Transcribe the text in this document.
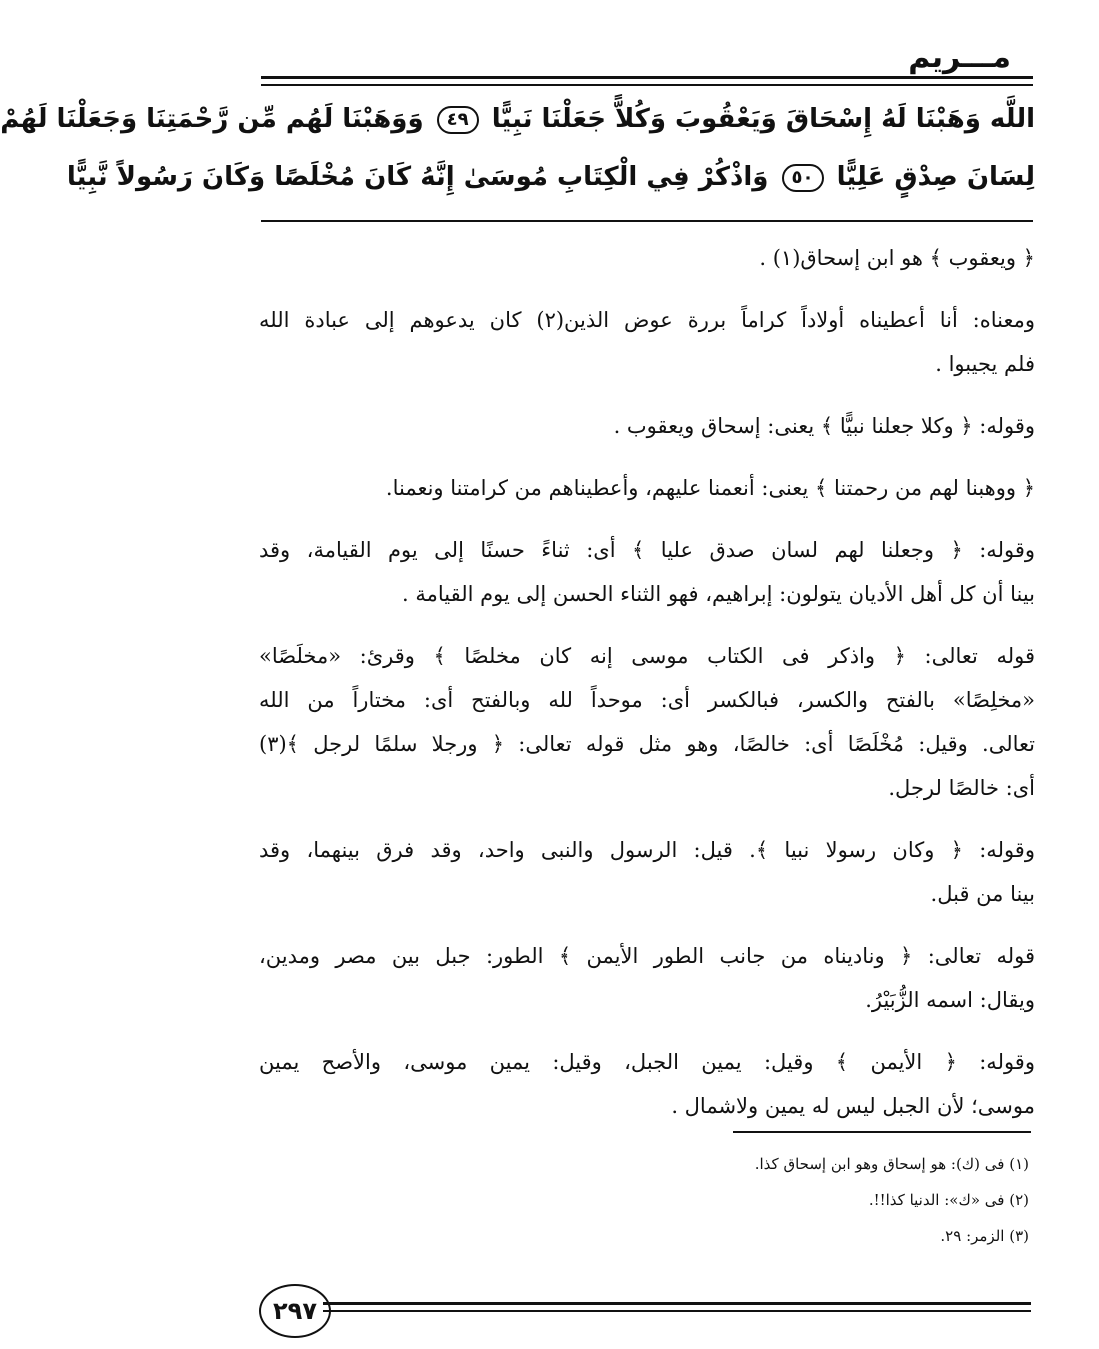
مـــريم
اللَّه وَهَبْنَا لَهُ إِسْحَاقَ وَيَعْقُوبَ وَكُلاًّ جَعَلْنَا نَبِيًّا ٤٩ وَوَهَبْنَا لَهُم مِّن رَّحْمَتِنَا وَجَعَلْنَا لَهُمْ
لِسَانَ صِدْقٍ عَلِيًّا ٥٠ وَاذْكُرْ فِي الْكِتَابِ مُوسَىٰ إِنَّهُ كَانَ مُخْلَصًا وَكَانَ رَسُولاً نَّبِيًّا
﴿ ويعقوب ﴾ هو ابن إسحاق(١) .
ومعناه: أنا أعطيناه أولاداً كراماً بررة عوض الذين(٢) كان يدعوهم إلى عبادة الله
فلم يجيبوا .
وقوله: ﴿ وكلا جعلنا نبيًّا ﴾ يعنى: إسحاق ويعقوب .
﴿ ووهبنا لهم من رحمتنا ﴾ يعنى: أنعمنا عليهم، وأعطيناهم من كرامتنا ونعمنا.
وقوله: ﴿ وجعلنا لهم لسان صدق عليا ﴾ أى: ثناءً حسنًا إلى يوم القيامة، وقد
بينا أن كل أهل الأديان يتولون: إبراهيم، فهو الثناء الحسن إلى يوم القيامة .
قوله تعالى: ﴿ واذكر فى الكتاب موسى إنه كان مخلصًا ﴾ وقرئ: «مخلَصًا»
«مخلِصًا» بالفتح والكسر، فبالكسر أى: موحداً لله وبالفتح أى: مختاراً من الله
تعالى. وقيل: مُخْلَصًا أى: خالصًا، وهو مثل قوله تعالى: ﴿ ورجلا سلمًا لرجل ﴾(٣)
أى: خالصًا لرجل.
وقوله: ﴿ وكان رسولا نبيا ﴾. قيل: الرسول والنبى واحد، وقد فرق بينهما، وقد
بينا من قبل.
قوله تعالى: ﴿ وناديناه من جانب الطور الأيمن ﴾ الطور: جبل بين مصر ومدين،
ويقال: اسمه الزُّبَيْرُ.
وقوله: ﴿ الأيمن ﴾ وقيل: يمين الجبل، وقيل: يمين موسى، والأصح يمين
موسى؛ لأن الجبل ليس له يمين ولاشمال .
(١) فى (ك): هو إسحاق وهو ابن إسحاق كذا.
(٢) فى «ك»: الدنيا كذا!!.
(٣) الزمر: ٢٩.
٢٩٧
